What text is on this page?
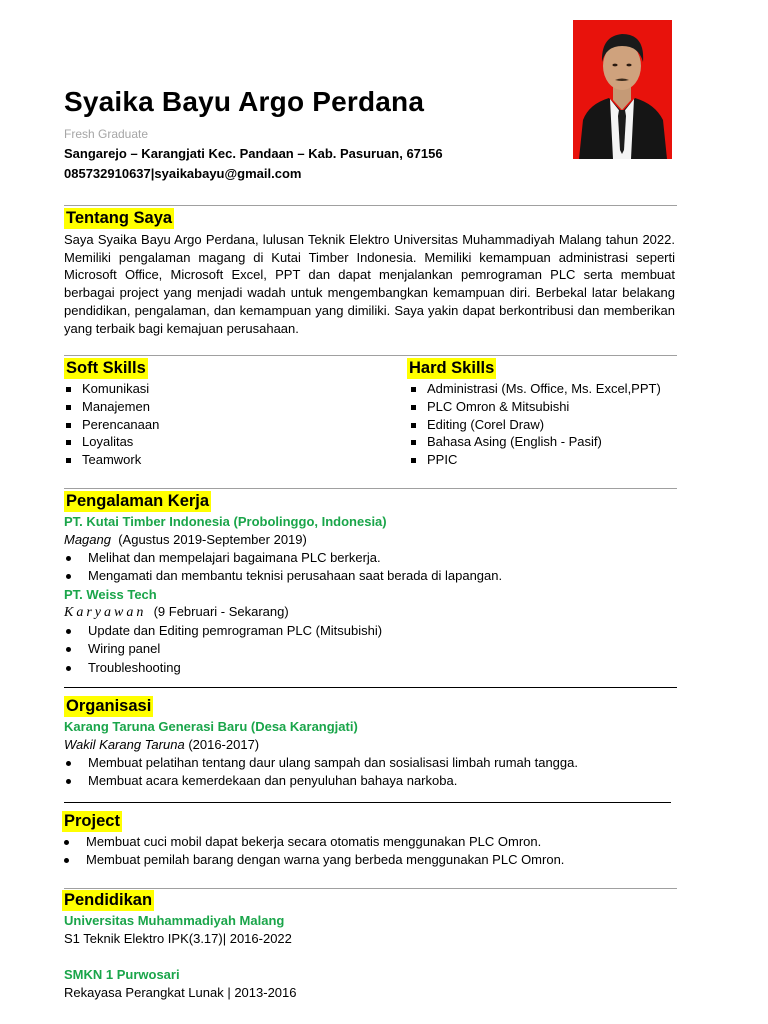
Syaika Bayu Argo Perdana
Fresh Graduate
Sangarejo – Karangjati Kec. Pandaan – Kab. Pasuruan, 67156
085732910637|syaikabayu@gmail.com
Tentang Saya
Saya Syaika Bayu Argo Perdana, lulusan Teknik Elektro Universitas Muhammadiyah Malang tahun 2022. Memiliki pengalaman magang di Kutai Timber Indonesia. Memiliki kemampuan administrasi seperti Microsoft Office, Microsoft Excel, PPT dan dapat menjalankan pemrograman PLC serta membuat berbagai project yang menjadi wadah untuk mengembangkan kemampuan diri. Berbekal latar belakang pendidikan, pengalaman, dan kemampuan yang dimiliki. Saya yakin dapat berkontribusi dan memberikan yang terbaik bagi kemajuan perusahaan.
Soft Skills
Komunikasi
Manajemen
Perencanaan
Loyalitas
Teamwork
Hard Skills
Administrasi (Ms. Office, Ms. Excel,PPT)
PLC Omron & Mitsubishi
Editing (Corel Draw)
Bahasa Asing (English - Pasif)
PPIC
Pengalaman Kerja
PT. Kutai Timber Indonesia (Probolinggo, Indonesia)
Magang (Agustus 2019-September 2019)
Melihat dan mempelajari bagaimana PLC berkerja.
Mengamati dan membantu teknisi perusahaan saat berada di lapangan.
PT. Weiss Tech
Karyawan (9 Februari - Sekarang)
Update dan Editing pemrograman PLC (Mitsubishi)
Wiring panel
Troubleshooting
Organisasi
Karang Taruna Generasi Baru (Desa Karangjati)
Wakil Karang Taruna (2016-2017)
Membuat pelatihan tentang daur ulang sampah dan sosialisasi limbah rumah tangga.
Membuat acara kemerdekaan dan penyuluhan bahaya narkoba.
Project
Membuat cuci mobil dapat bekerja secara otomatis menggunakan PLC Omron.
Membuat pemilah barang dengan warna yang berbeda menggunakan PLC Omron.
Pendidikan
Universitas Muhammadiyah Malang
S1 Teknik Elektro IPK(3.17)| 2016-2022
SMKN 1 Purwosari
Rekayasa Perangkat Lunak | 2013-2016
